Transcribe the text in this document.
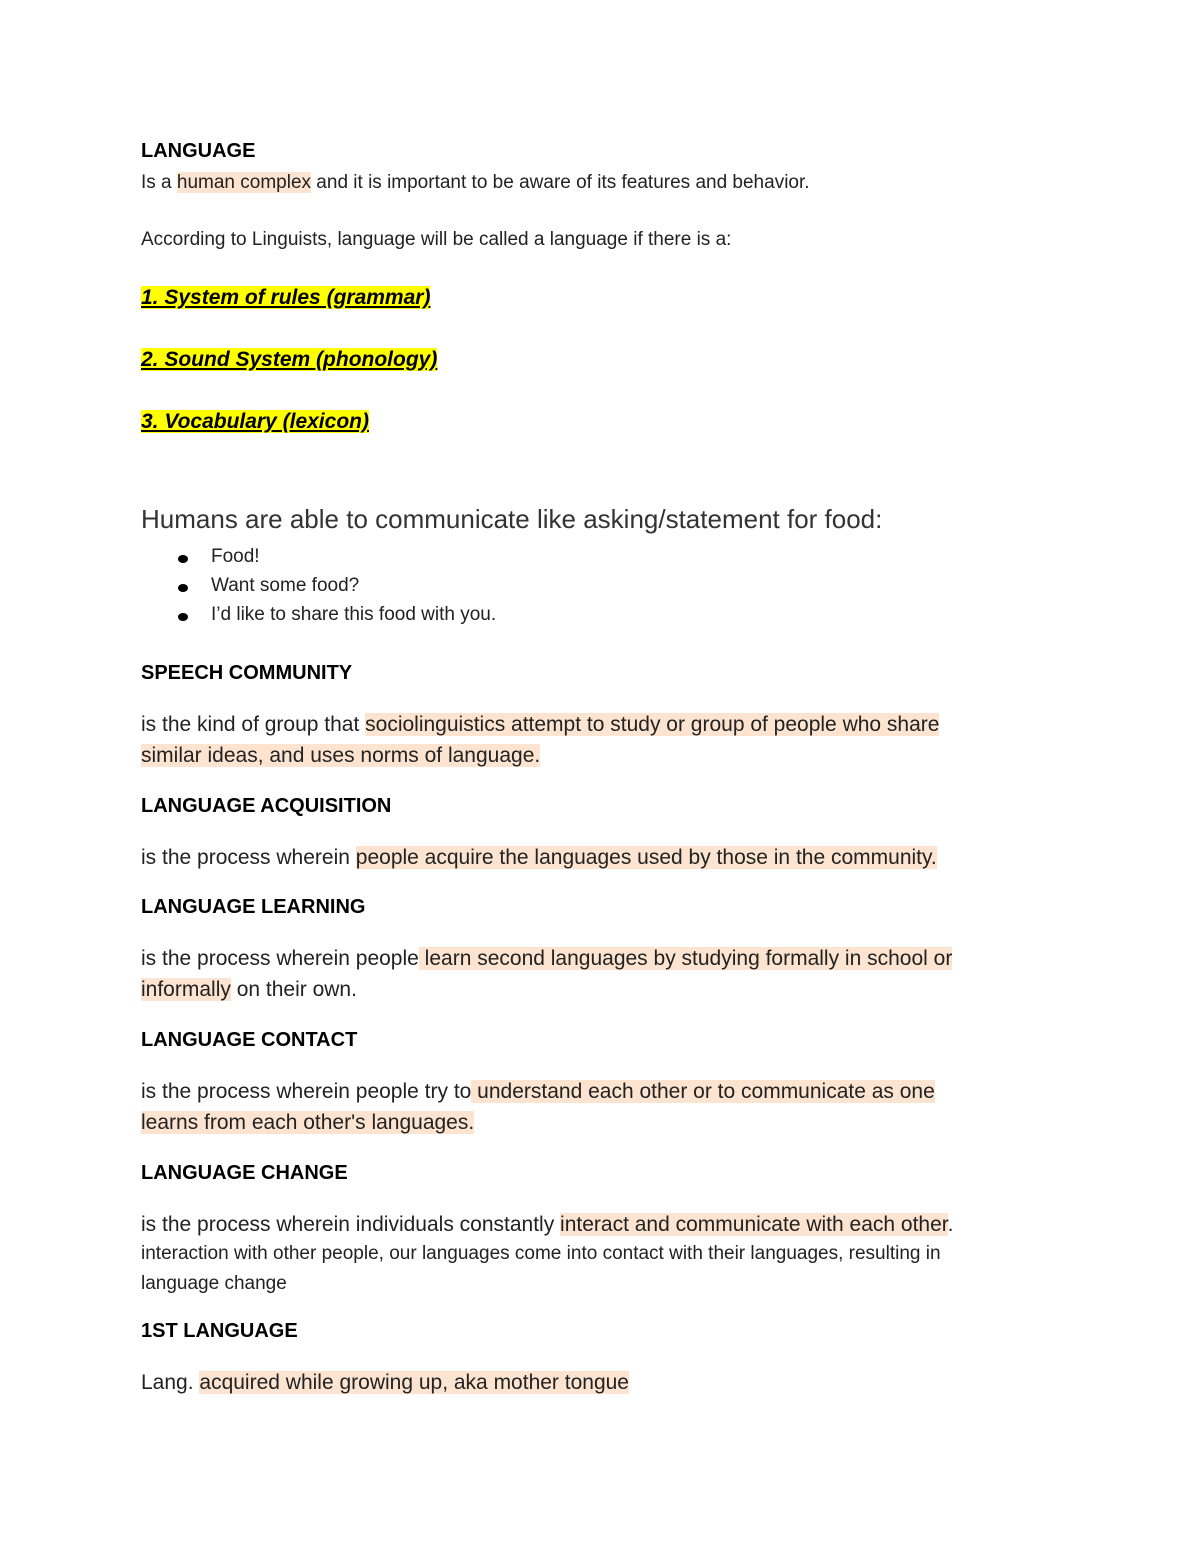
LANGUAGE
Is a human complex and it is important to be aware of its features and behavior.
According to Linguists, language will be called a language if there is a:
1. System of rules (grammar)
2. Sound System (phonology)
3. Vocabulary (lexicon)
Humans are able to communicate like asking/statement for food:
Food!
Want some food?
I’d like to share this food with you.
SPEECH COMMUNITY
is the kind of group that sociolinguistics attempt to study or group of people who share
similar ideas, and uses norms of language.
LANGUAGE ACQUISITION
is the process wherein people acquire the languages used by those in the community.
LANGUAGE LEARNING
is the process wherein people learn second languages by studying formally in school or
informally on their own.
LANGUAGE CONTACT
is the process wherein people try to understand each other or to communicate as one
learns from each other's languages.
LANGUAGE CHANGE
is the process wherein individuals constantly interact and communicate with each other.
interaction with other people, our languages come into contact with their languages, resulting in
language change
1ST LANGUAGE
Lang. acquired while growing up, aka mother tongue
